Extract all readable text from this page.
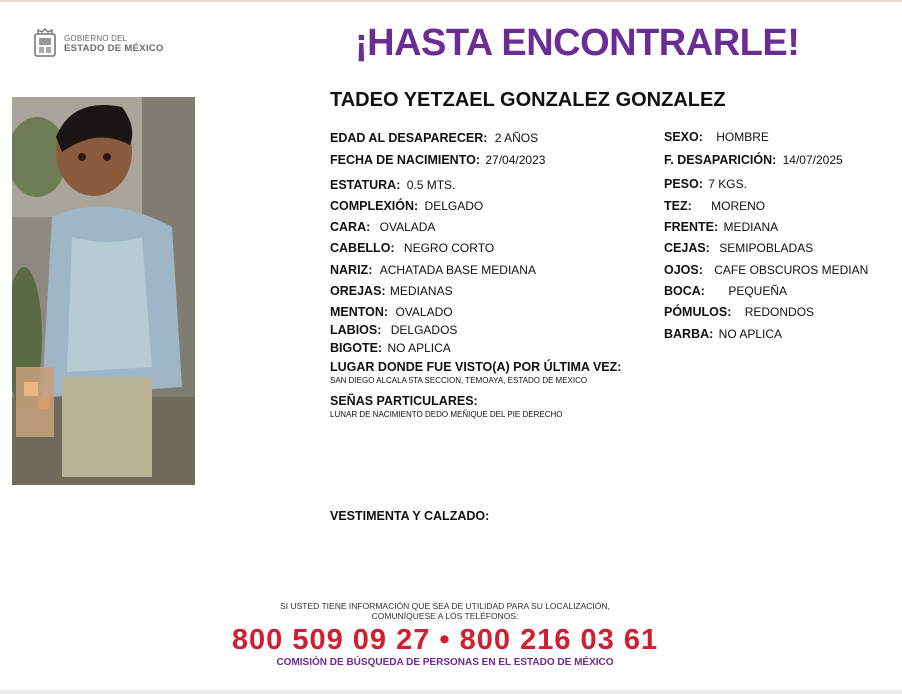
GOBIERNO DEL
ESTADO DE MÉXICO	¡HASTA ENCONTRARLE!
TADEO YETZAEL GONZALEZ GONZALEZ
EDAD AL DESAPARECER: 2 AÑOS
FECHA DE NACIMIENTO: 27/04/2023
ESTATURA: 0.5 MTS.
COMPLEXIÓN: DELGADO
CARA: OVALADA
CABELLO: NEGRO CORTO
NARIZ: ACHATADA BASE MEDIANA
OREJAS: MEDIANAS
MENTON: OVALADO
LABIOS: DELGADOS
BIGOTE: NO APLICA
SEXO: HOMBRE
F. DESAPARICIÓN: 14/07/2025
PESO: 7 KGS.
TEZ: MORENO
FRENTE: MEDIANA
CEJAS: SEMIPOBLADAS
OJOS: CAFE OBSCUROS MEDIAN
BOCA: PEQUEÑA
PÓMULOS: REDONDOS
BARBA: NO APLICA
LUGAR DONDE FUE VISTO(A) POR ÚLTIMA VEZ:
SAN DIEGO ALCALA 5TA SECCION, TEMOAYA, ESTADO DE MEXICO
SEÑAS PARTICULARES:
LUNAR DE NACIMIENTO DEDO MEÑIQUE DEL PIE DERECHO
VESTIMENTA Y CALZADO:
SI USTED TIENE INFORMACIÓN QUE SEA DE UTILIDAD PARA SU LOCALIZACIÓN,
COMUNÍQUESE A LOS TELÉFONOS:
800 509 09 27 • 800 216 03 61
COMISIÓN DE BÚSQUEDA DE PERSONAS EN EL ESTADO DE MÉXICO
